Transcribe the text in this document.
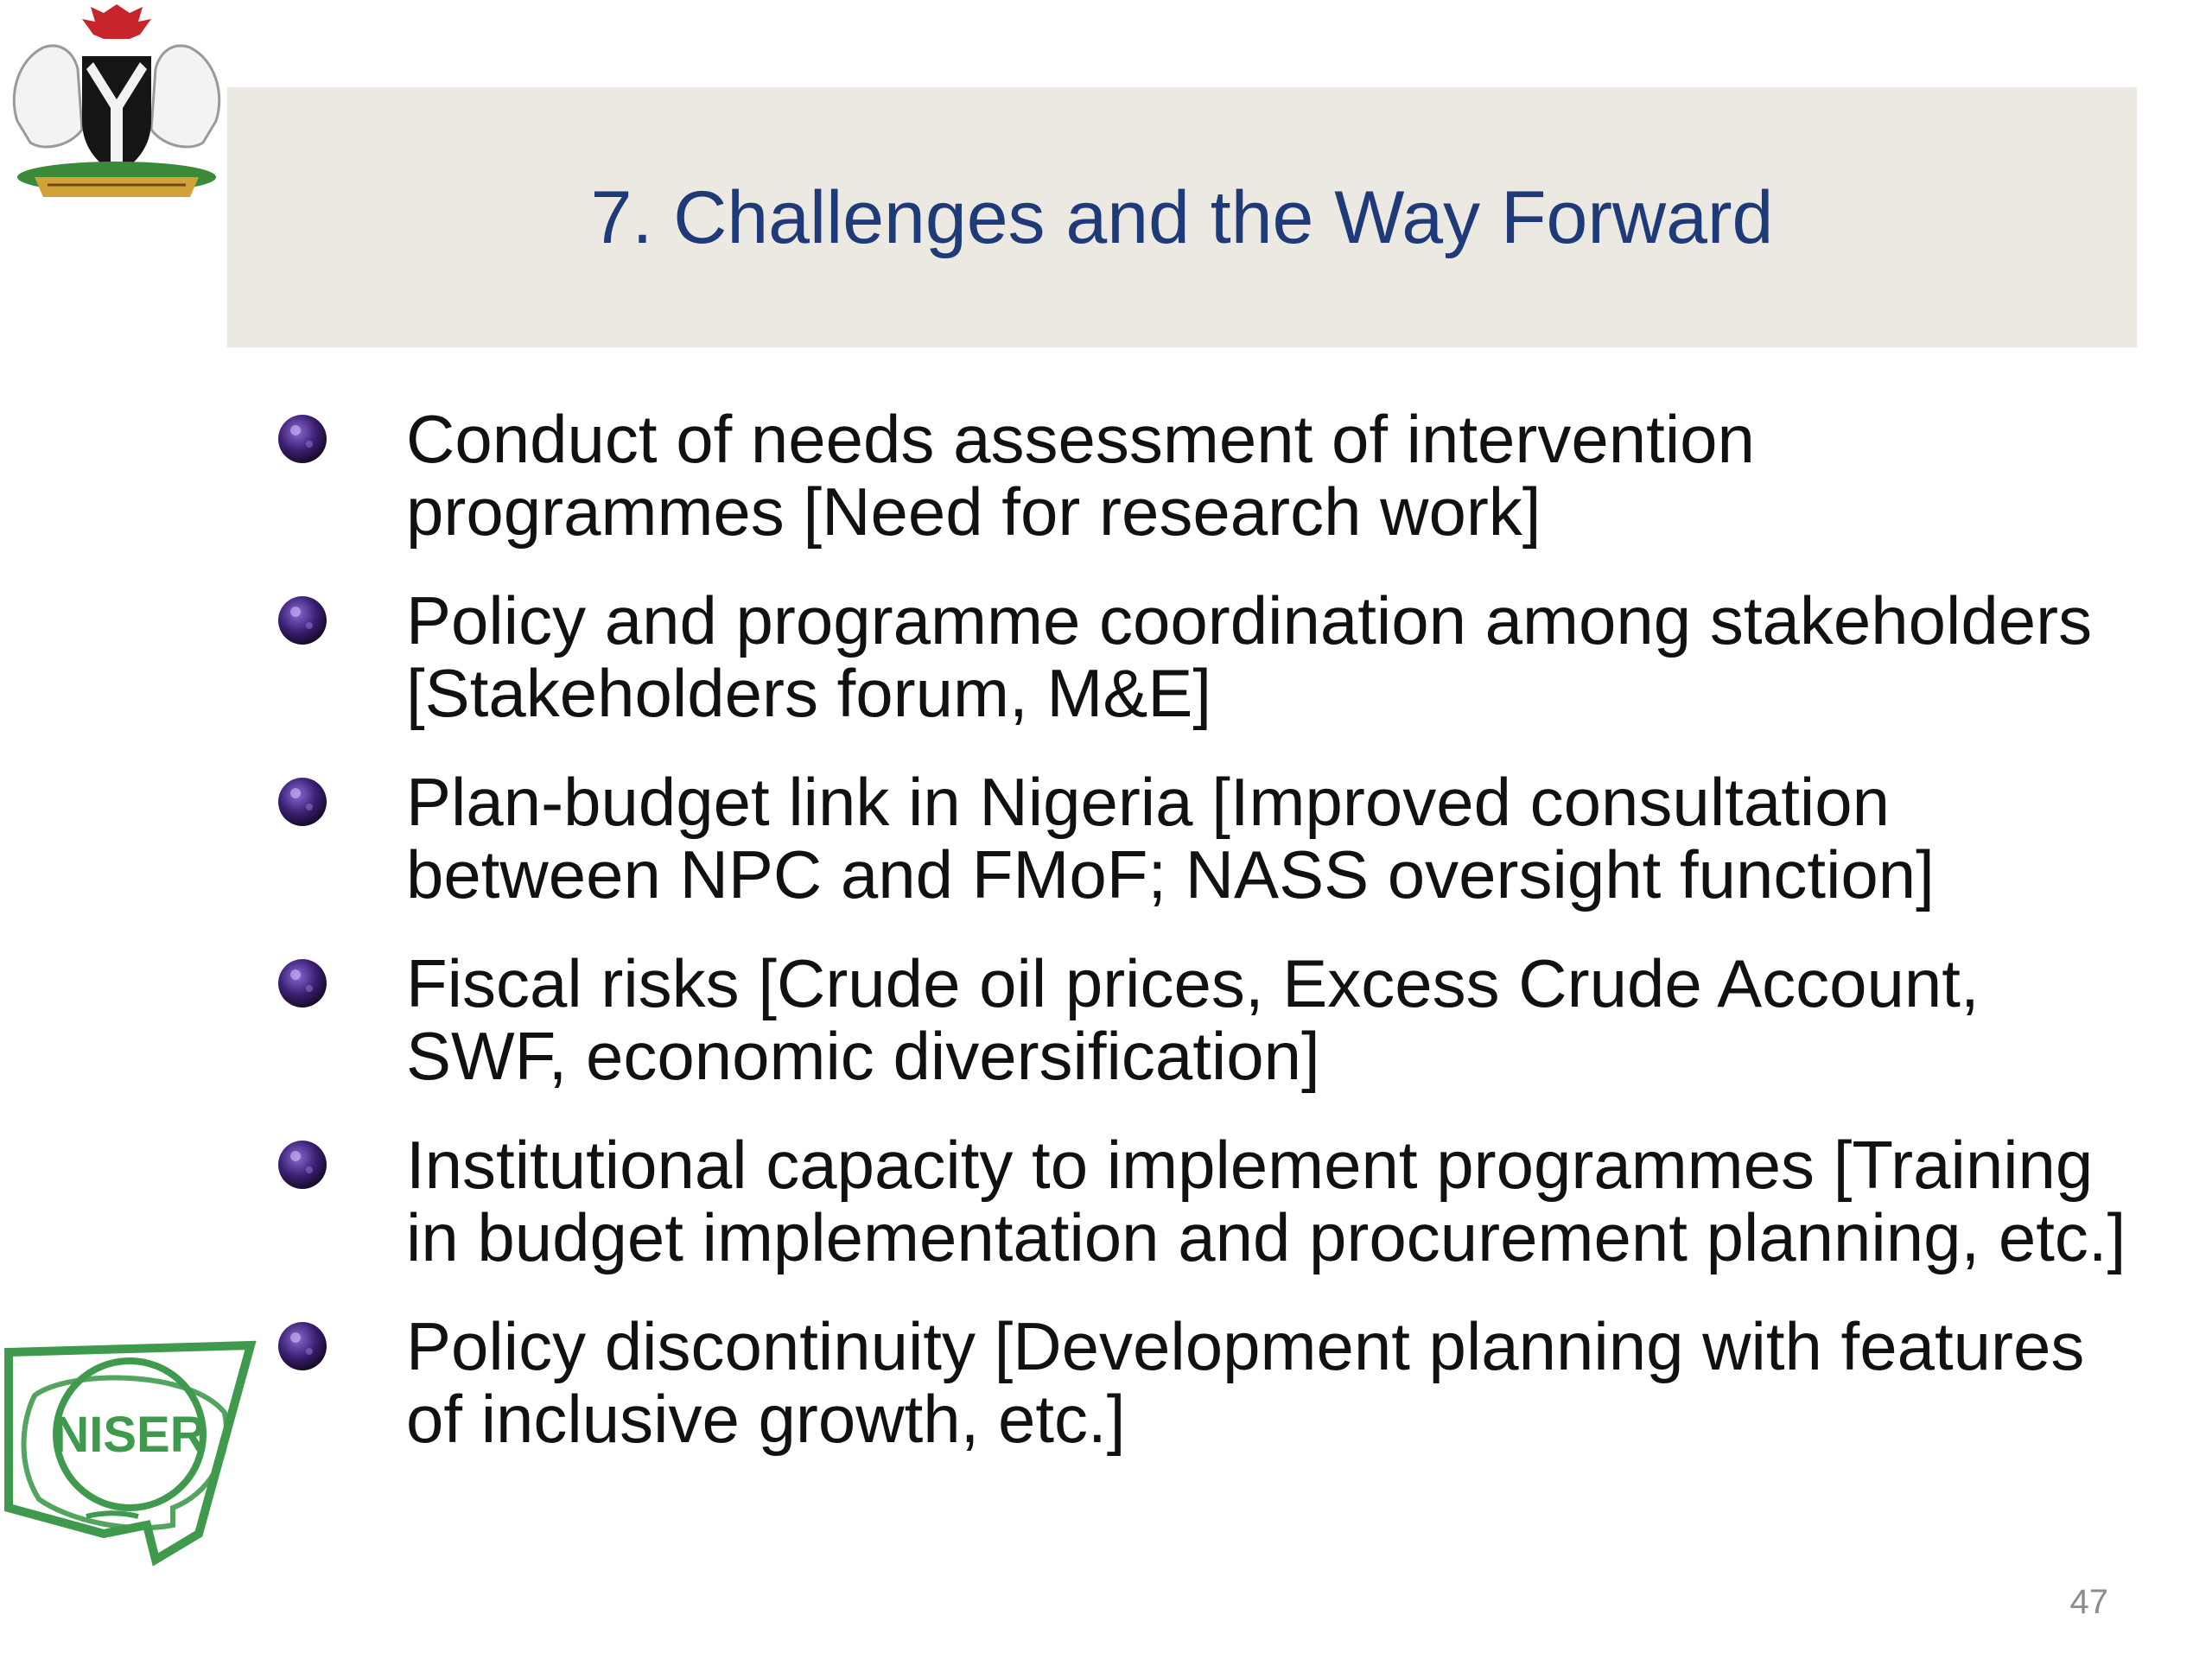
7. Challenges and the Way Forward
Conduct of needs assessment of intervention programmes [Need for research work]
Policy and programme coordination among stakeholders [Stakeholders forum, M&E]
Plan-budget link in Nigeria [Improved consultation between NPC and FMoF; NASS oversight function]
Fiscal risks [Crude oil prices, Excess Crude Account, SWF, economic diversification]
Institutional capacity to implement programmes [Training in budget implementation and procurement planning, etc.]
Policy discontinuity [Development planning with features of inclusive growth, etc.]
NISER
47
